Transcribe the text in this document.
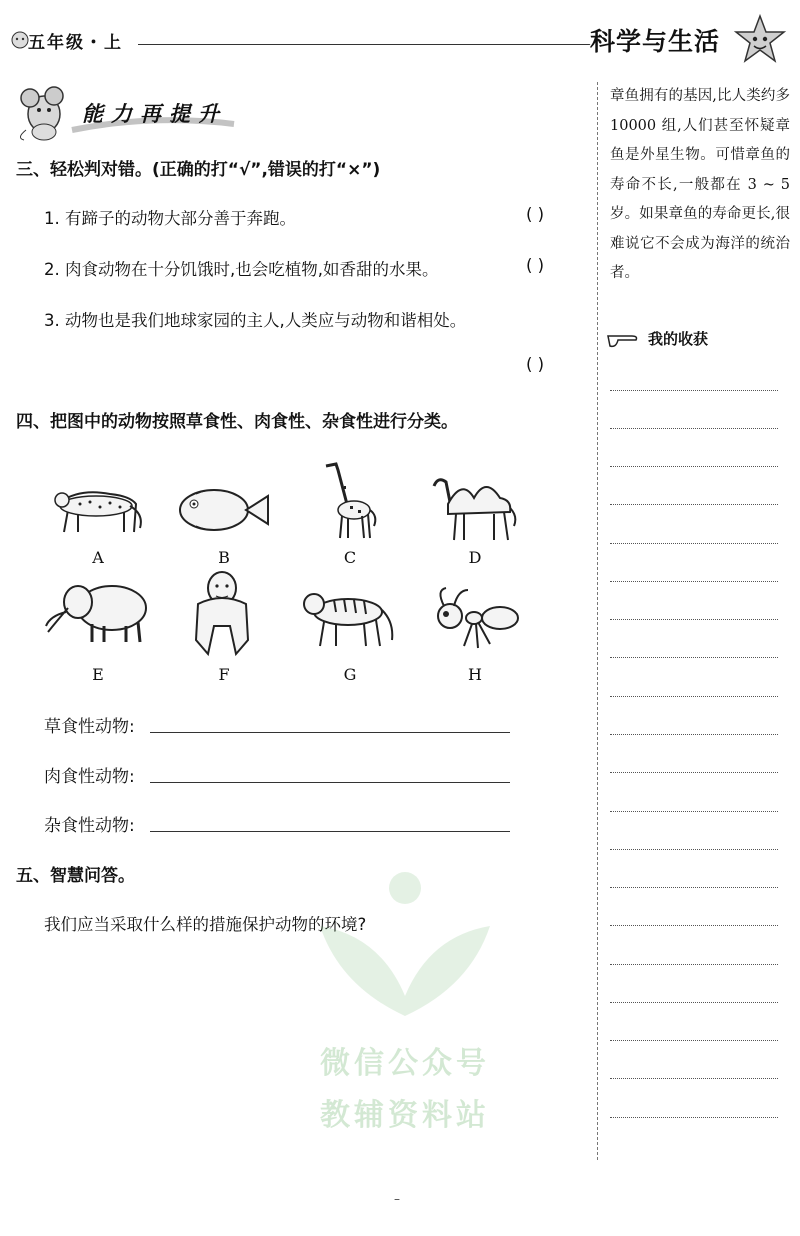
五年级・上	科学与生活
能力再提升
三、轻松判对错。(正确的打“√”,错误的打“×”)
1. 有蹄子的动物大部分善于奔跑。	( )
2. 肉食动物在十分饥饿时,也会吃植物,如香甜的水果。	( )
3. 动物也是我们地球家园的主人,人类应与动物和谐相处。
( )
四、把图中的动物按照草食性、肉食性、杂食性进行分类。
A	B	C	D
E	F	G	H
草食性动物:
肉食性动物:
杂食性动物:
五、智慧问答。
我们应当采取什么样的措施保护动物的环境?
微信公众号
教辅资料站
章鱼拥有的基因,比人类约多 10000 组,人们甚至怀疑章鱼是外星生物。可惜章鱼的寿命不长,一般都在 3 ~ 5 岁。如果章鱼的寿命更长,很难说它不会成为海洋的统治者。
我的收获
–
